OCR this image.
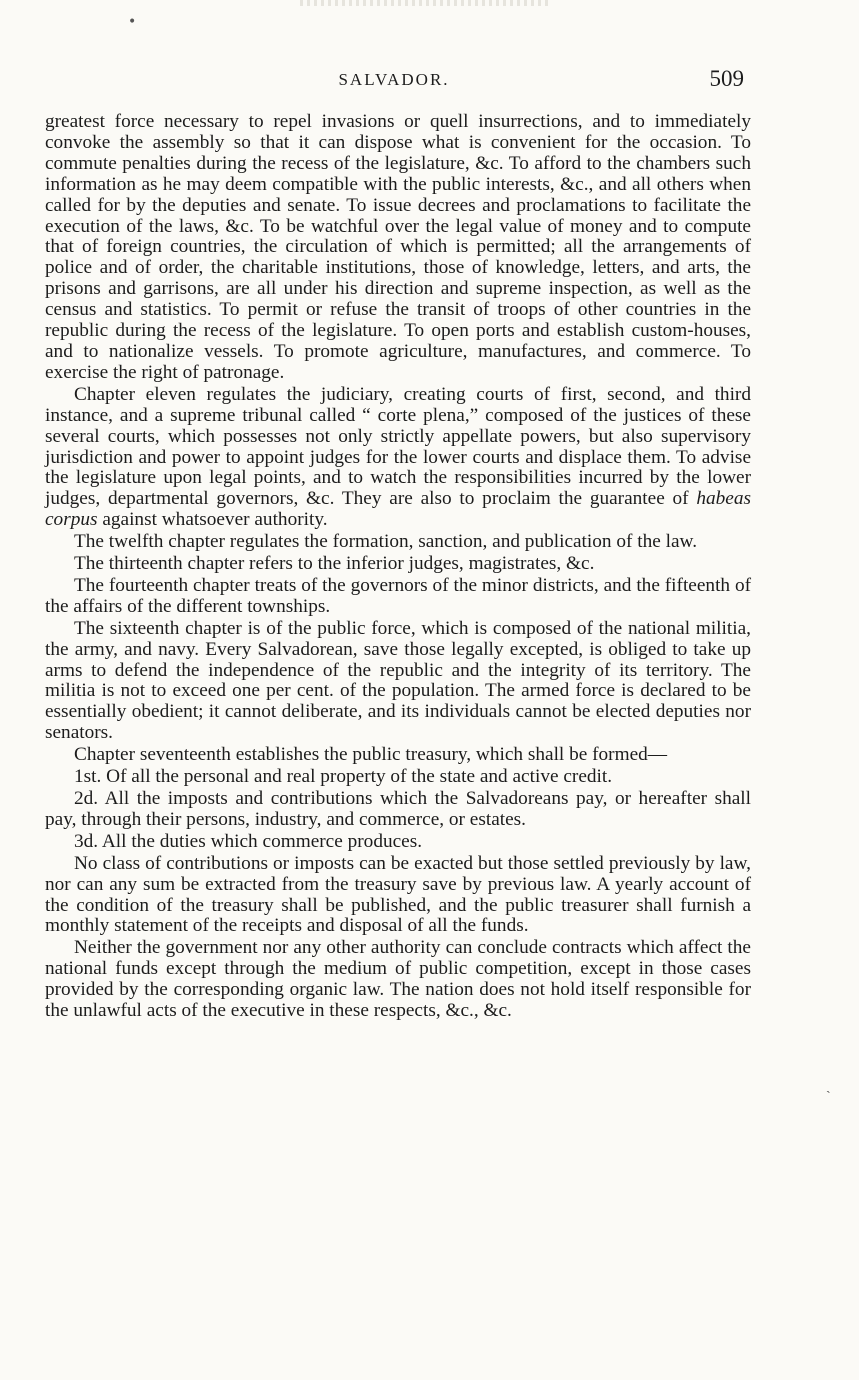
•
SALVADOR.	509

greatest force necessary to repel invasions or quell insurrections, and to immediately convoke the assembly so that it can dispose what is convenient for the occasion. To commute penalties during the recess of the legislature, &c. To afford to the chambers such information as he may deem compatible with the public interests, &c., and all others when called for by the deputies and senate. To issue decrees and proclamations to facilitate the execution of the laws, &c. To be watchful over the legal value of money and to compute that of foreign countries, the circulation of which is permitted; all the arrangements of police and of order, the charitable institutions, those of knowledge, letters, and arts, the prisons and garrisons, are all under his direction and supreme inspection, as well as the census and statistics. To permit or refuse the transit of troops of other countries in the republic during the recess of the legislature. To open ports and establish custom-houses, and to nationalize vessels. To promote agriculture, manufactures, and commerce. To exercise the right of patronage.

Chapter eleven regulates the judiciary, creating courts of first, second, and third instance, and a supreme tribunal called “ corte plena,” composed of the justices of these several courts, which possesses not only strictly appellate powers, but also supervisory jurisdiction and power to appoint judges for the lower courts and displace them. To advise the legislature upon legal points, and to watch the responsibilities incurred by the lower judges, departmental governors, &c. They are also to proclaim the guarantee of habeas corpus against whatsoever authority.

The twelfth chapter regulates the formation, sanction, and publication of the law.

The thirteenth chapter refers to the inferior judges, magistrates, &c.

The fourteenth chapter treats of the governors of the minor districts, and the fifteenth of the affairs of the different townships.

The sixteenth chapter is of the public force, which is composed of the national militia, the army, and navy. Every Salvadorean, save those legally excepted, is obliged to take up arms to defend the independence of the republic and the integrity of its territory. The militia is not to exceed one per cent. of the population. The armed force is declared to be essentially obedient; it cannot deliberate, and its individuals cannot be elected deputies nor senators.

Chapter seventeenth establishes the public treasury, which shall be formed—

1st. Of all the personal and real property of the state and active credit.

2d. All the imposts and contributions which the Salvadoreans pay, or hereafter shall pay, through their persons, industry, and commerce, or estates.

3d. All the duties which commerce produces.

No class of contributions or imposts can be exacted but those settled previously by law, nor can any sum be extracted from the treasury save by previous law. A yearly account of the condition of the treasury shall be published, and the public treasurer shall furnish a monthly statement of the receipts and disposal of all the funds.

Neither the government nor any other authority can conclude contracts which affect the national funds except through the medium of public competition, except in those cases provided by the corresponding organic law. The nation does not hold itself responsible for the unlawful acts of the executive in these respects, &c., &c.

ˏ
